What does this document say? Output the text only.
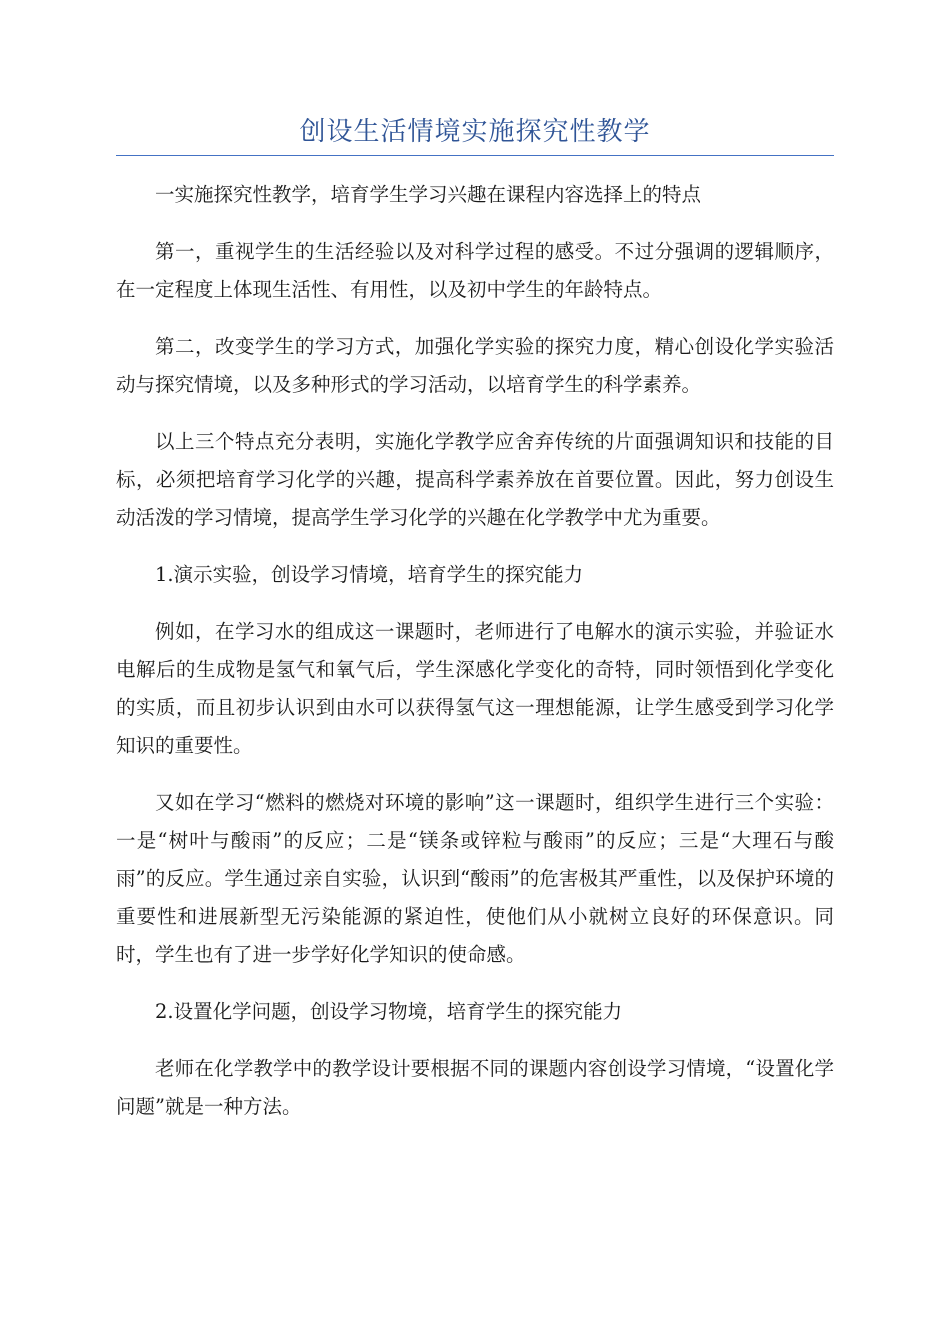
创设生活情境实施探究性教学

一实施探究性教学，培育学生学习兴趣在课程内容选择上的特点

第一，重视学生的生活经验以及对科学过程的感受。不过分强调的逻辑顺序，在一定程度上体现生活性、有用性，以及初中学生的年龄特点。

第二，改变学生的学习方式，加强化学实验的探究力度，精心创设化学实验活动与探究情境，以及多种形式的学习活动，以培育学生的科学素养。

以上三个特点充分表明，实施化学教学应舍弃传统的片面强调知识和技能的目标，必须把培育学习化学的兴趣，提高科学素养放在首要位置。因此，努力创设生动活泼的学习情境，提高学生学习化学的兴趣在化学教学中尤为重要。

1.演示实验，创设学习情境，培育学生的探究能力

例如，在学习水的组成这一课题时，老师进行了电解水的演示实验，并验证水电解后的生成物是氢气和氧气后，学生深感化学变化的奇特，同时领悟到化学变化的实质，而且初步认识到由水可以获得氢气这一理想能源，让学生感受到学习化学知识的重要性。

又如在学习“燃料的燃烧对环境的影响”这一课题时，组织学生进行三个实验：一是“树叶与酸雨”的反应；二是“镁条或锌粒与酸雨”的反应；三是“大理石与酸雨”的反应。学生通过亲自实验，认识到“酸雨”的危害极其严重性，以及保护环境的重要性和进展新型无污染能源的紧迫性，使他们从小就树立良好的环保意识。同时，学生也有了进一步学好化学知识的使命感。

2.设置化学问题，创设学习物境，培育学生的探究能力

老师在化学教学中的教学设计要根据不同的课题内容创设学习情境，“设置化学问题”就是一种方法。
